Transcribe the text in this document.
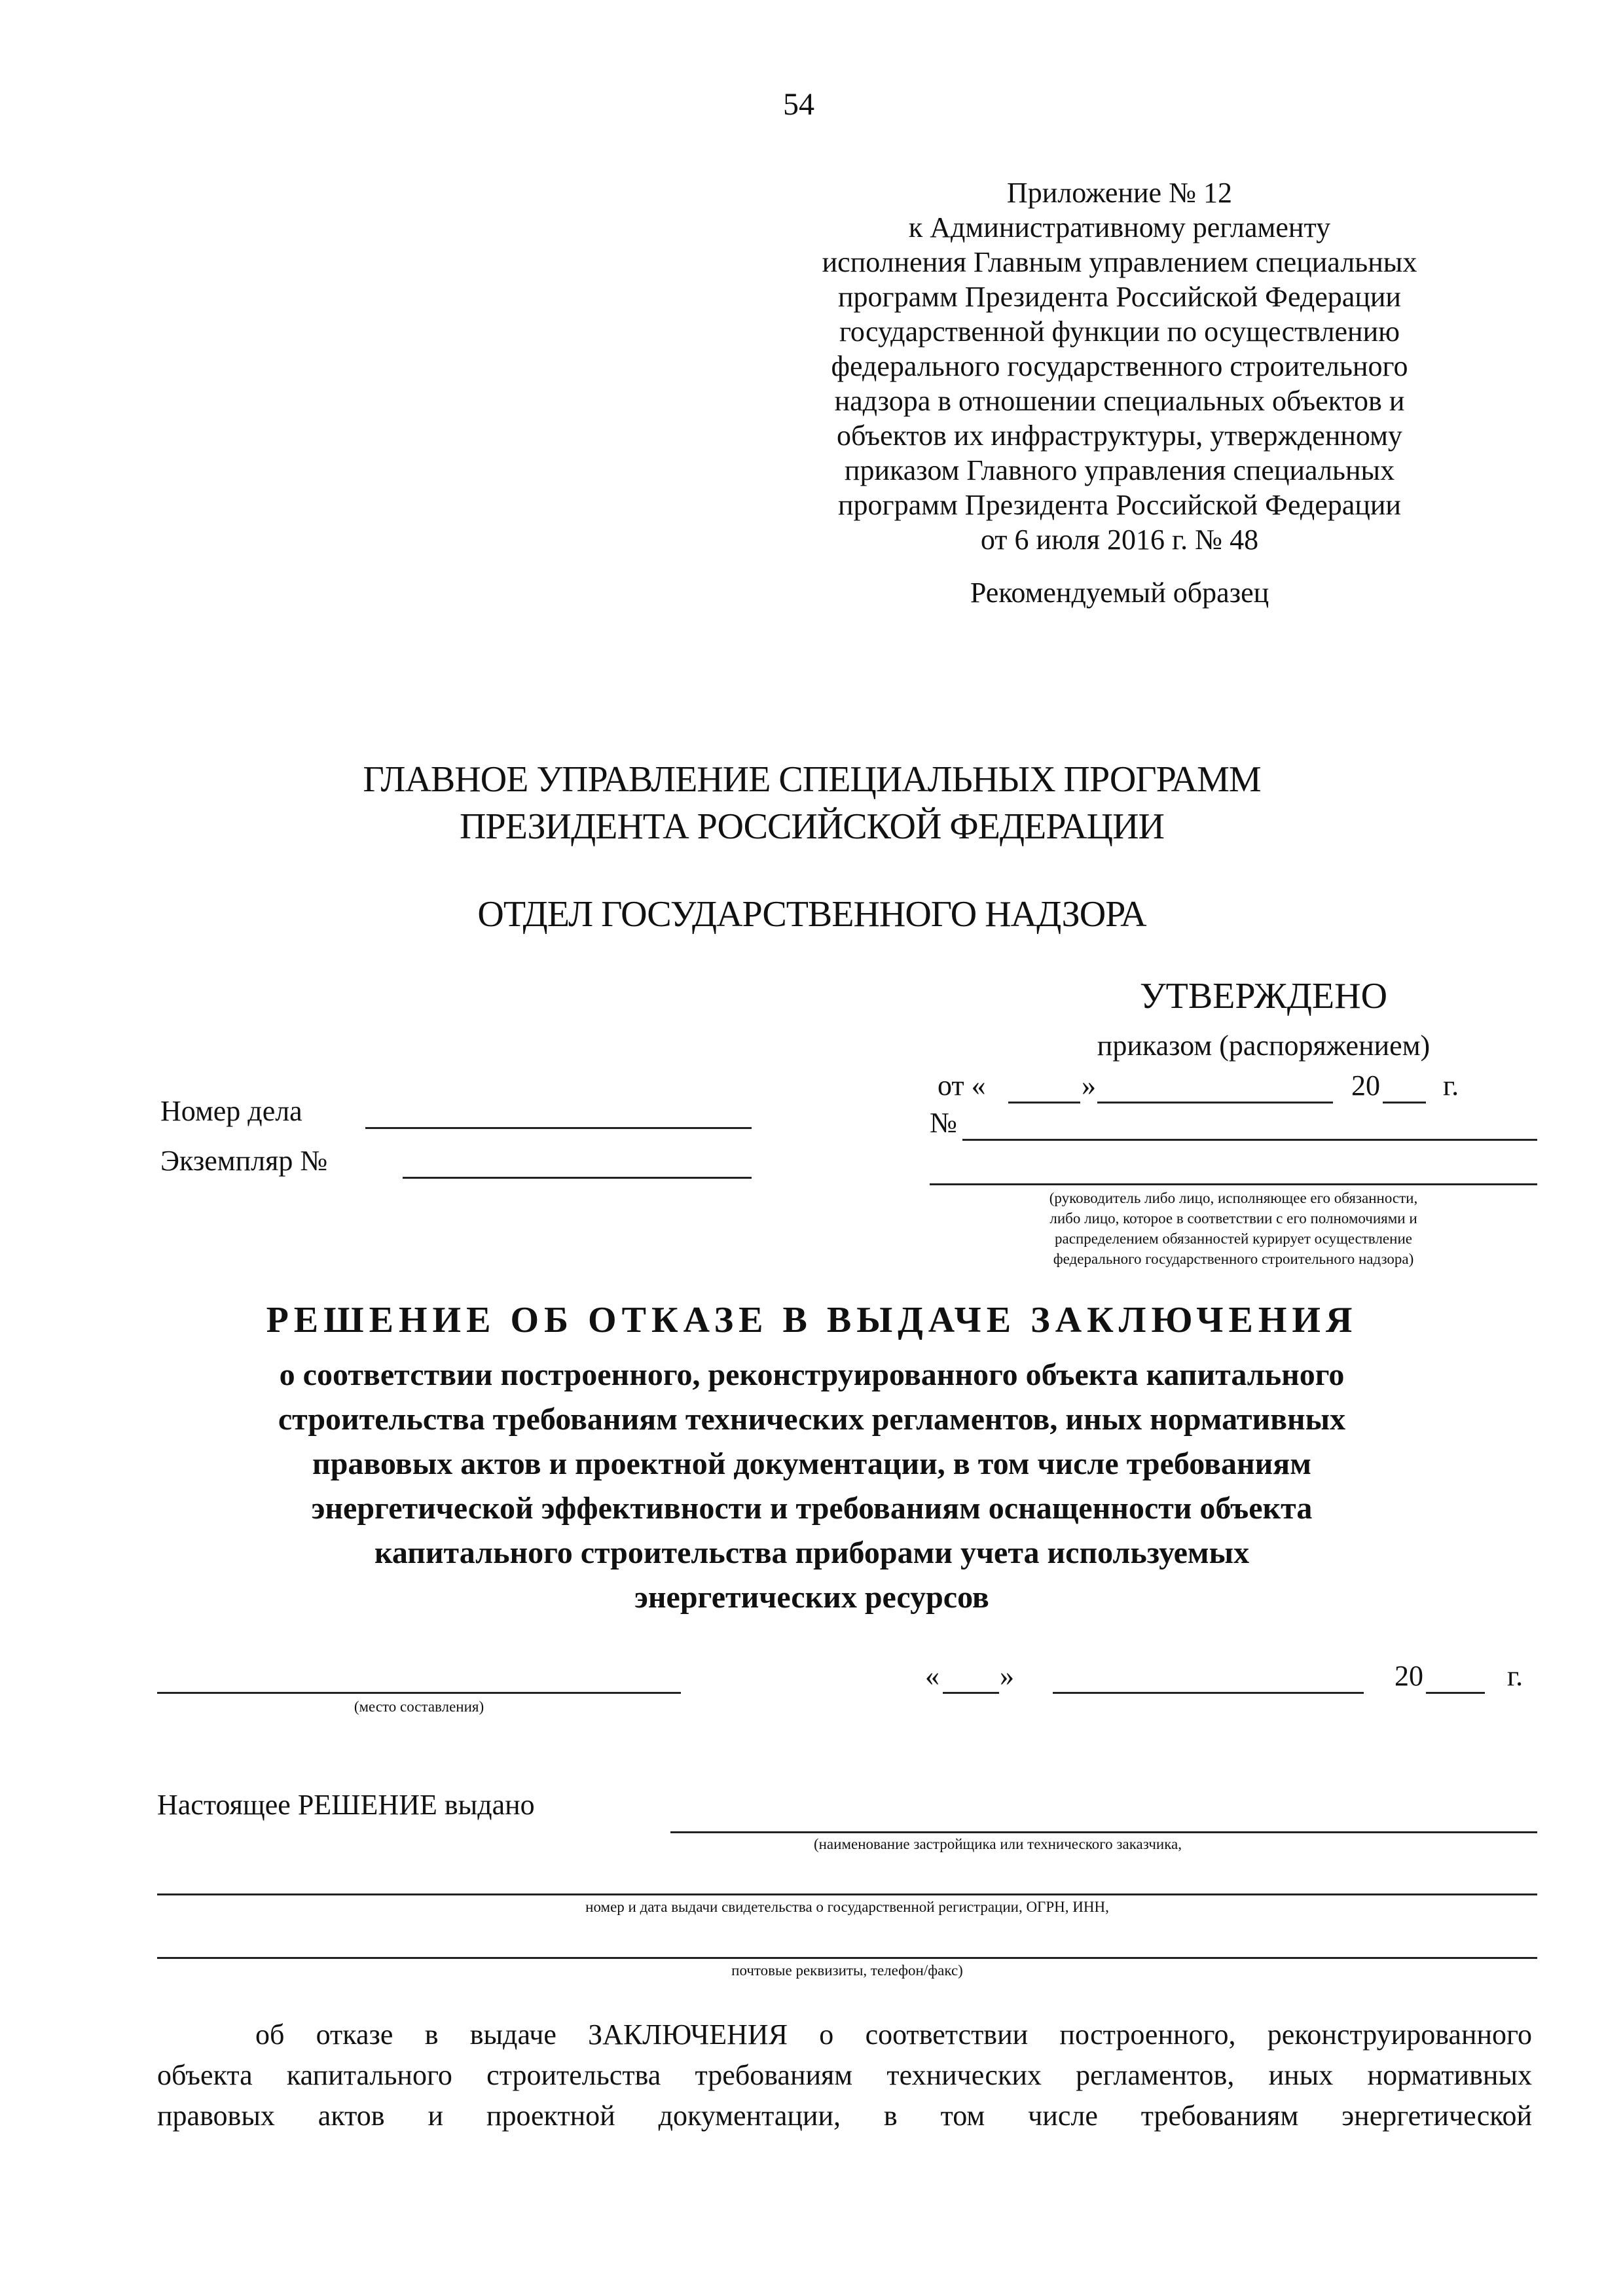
54
Приложение № 12
к Административному регламенту
исполнения Главным управлением специальных
программ Президента Российской Федерации
государственной функции по осуществлению
федерального государственного строительного
надзора в отношении специальных объектов и
объектов их инфраструктуры, утвержденному
приказом Главного управления специальных
программ Президента Российской Федерации
от 6 июля 2016 г. № 48
Рекомендуемый образец
ГЛАВНОЕ УПРАВЛЕНИЕ СПЕЦИАЛЬНЫХ ПРОГРАММ
ПРЕЗИДЕНТА РОССИЙСКОЙ ФЕДЕРАЦИИ
ОТДЕЛ ГОСУДАРСТВЕННОГО НАДЗОРА
УТВЕРЖДЕНО
приказом (распоряжением)
от «	»	20 г.
№
(руководитель либо лицо, исполняющее его обязанности,
либо лицо, которое в соответствии с его полномочиями и
распределением обязанностей курирует осуществление
федерального государственного строительного надзора)
Номер дела
Экземпляр №
РЕШЕНИЕ ОБ ОТКАЗЕ В ВЫДАЧЕ ЗАКЛЮЧЕНИЯ
о соответствии построенного, реконструированного объекта капитального
строительства требованиям технических регламентов, иных нормативных
правовых актов и проектной документации, в том числе требованиям
энергетической эффективности и требованиям оснащенности объекта
капитального строительства приборами учета используемых
энергетических ресурсов
(место составления)
« »	20	г.
Настоящее РЕШЕНИЕ выдано
(наименование застройщика или технического заказчика,
номер и дата выдачи свидетельства о государственной регистрации, ОГРН, ИНН,
почтовые реквизиты, телефон/факс)
об отказе в выдаче ЗАКЛЮЧЕНИЯ о соответствии построенного, реконструированного
объекта капитального строительства требованиям технических регламентов, иных нормативных
правовых актов и проектной документации, в том числе требованиям энергетической
